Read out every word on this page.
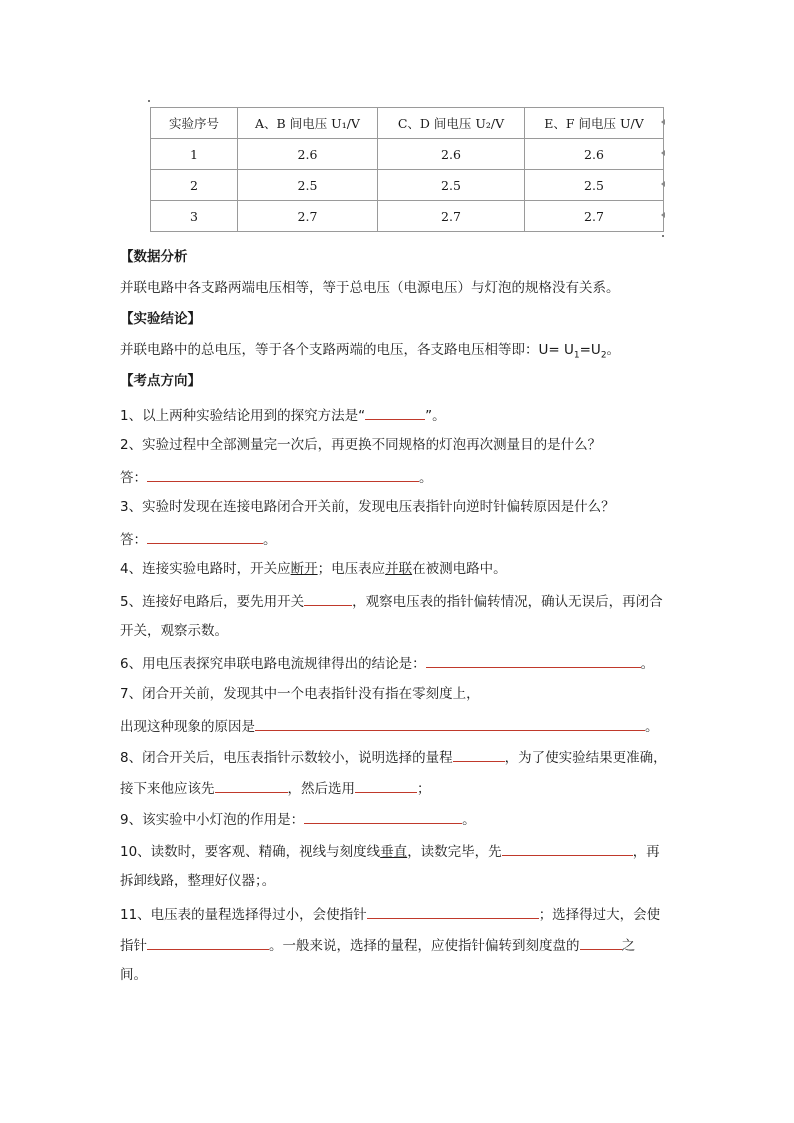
实验序号	A、B 间电压 U₁/V	C、D 间电压 U₂/V	E、F 间电压 U/V
1	2.6	2.6	2.6
2	2.5	2.5	2.5
3	2.7	2.7	2.7
【数据分析
并联电路中各支路两端电压相等，等于总电压（电源电压）与灯泡的规格没有关系。
【实验结论】
并联电路中的总电压，等于各个支路两端的电压，各支路电压相等即：$U= U_1=U_2$。
【考点方向】
1、以上两种实验结论用到的探究方法是“	”。
2、实验过程中全部测量完一次后，再更换不同规格的灯泡再次测量目的是什么？
答：	。
3、实验时发现在连接电路闭合开关前，发现电压表指针向逆时针偏转原因是什么？
答：	。
4、连接实验电路时，开关应断开；电压表应并联在被测电路中。
5、连接好电路后，要先用开关	，观察电压表的指针偏转情况，确认无误后，再闭合
开关，观察示数。
6、用电压表探究串联电路电流规律得出的结论是：	。
7、闭合开关前，发现其中一个电表指针没有指在零刻度上，
出现这种现象的原因是	。
8、闭合开关后，电压表指针示数较小，说明选择的量程	，为了使实验结果更准确，
接下来他应该先	，然后选用	；
9、该实验中小灯泡的作用是：	。
10、读数时，要客观、精确，视线与刻度线垂直，读数完毕，先	，再
拆卸线路，整理好仪器；。
11、电压表的量程选择得过小，会使指针	；选择得过大，会使
指针	。一般来说，选择的量程，应使指针偏转到刻度盘的	之
间。
